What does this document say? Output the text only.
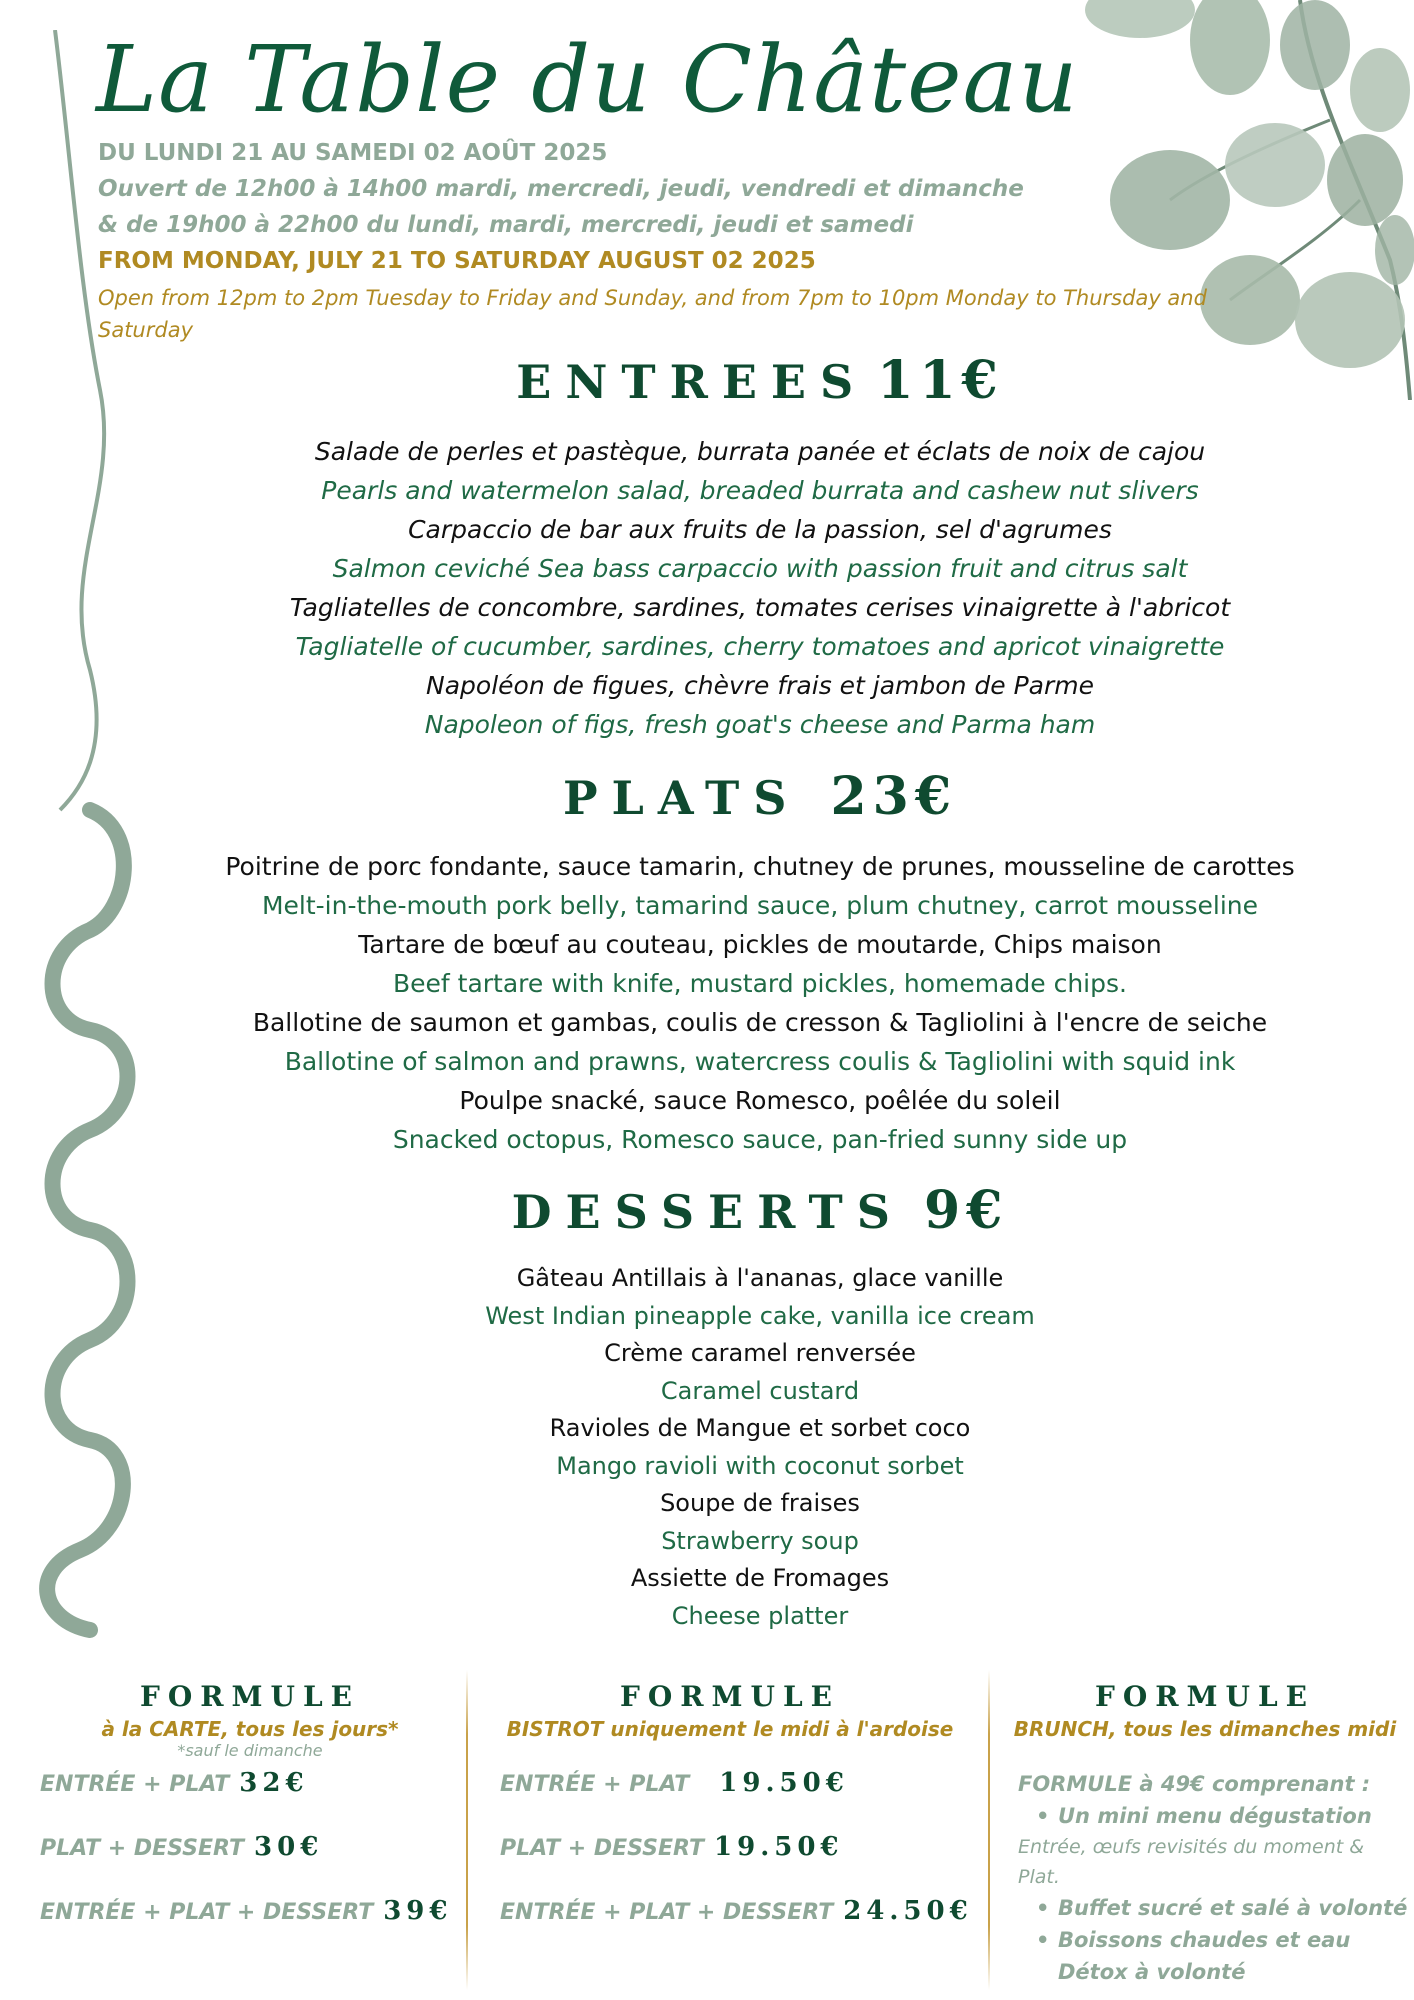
La Table du Château
DU LUNDI 21 AU SAMEDI 02 AOÛT 2025
Ouvert de 12h00 à 14h00 mardi, mercredi, jeudi, vendredi et dimanche
& de 19h00 à 22h00 du lundi, mardi, mercredi, jeudi et samedi
FROM MONDAY, JULY 21 TO SATURDAY AUGUST 02 2025
Open from 12pm to 2pm Tuesday to Friday and Sunday, and from 7pm to 10pm Monday to Thursday and Saturday
ENTREES 11€
Salade de perles et pastèque, burrata panée et éclats de noix de cajou
Pearls and watermelon salad, breaded burrata and cashew nut slivers
Carpaccio de bar aux fruits de la passion, sel d'agrumes
Salmon ceviché Sea bass carpaccio with passion fruit and citrus salt
Tagliatelles de concombre, sardines, tomates cerises vinaigrette à l'abricot
Tagliatelle of cucumber, sardines, cherry tomatoes and apricot vinaigrette
Napoléon de figues, chèvre frais et jambon de Parme
Napoleon of figs, fresh goat's cheese and Parma ham
PLATS 23€
Poitrine de porc fondante, sauce tamarin, chutney de prunes, mousseline de carottes
Melt-in-the-mouth pork belly, tamarind sauce, plum chutney, carrot mousseline
Tartare de bœuf au couteau, pickles de moutarde, Chips maison
Beef tartare with knife, mustard pickles, homemade chips.
Ballotine de saumon et gambas, coulis de cresson & Tagliolini à l'encre de seiche
Ballotine of salmon and prawns, watercress coulis & Tagliolini with squid ink
Poulpe snacké, sauce Romesco, poêlée du soleil
Snacked octopus, Romesco sauce, pan-fried sunny side up
DESSERTS 9€
Gâteau Antillais à l'ananas, glace vanille
West Indian pineapple cake, vanilla ice cream
Crème caramel renversée
Caramel custard
Ravioles de Mangue et sorbet coco
Mango ravioli with coconut sorbet
Soupe de fraises
Strawberry soup
Assiette de Fromages
Cheese platter
FORMULE
à la CARTE, tous les jours*
*sauf le dimanche
ENTRÉE + PLAT 32€
PLAT + DESSERT 30€
ENTRÉE + PLAT + DESSERT 39€
FORMULE
BISTROT uniquement le midi à l'ardoise
ENTRÉE + PLAT 19.50€
PLAT + DESSERT 19.50€
ENTRÉE + PLAT + DESSERT 24.50€
FORMULE
BRUNCH, tous les dimanches midi
FORMULE à 49€ comprenant :
• Un mini menu dégustation
Entrée, œufs revisités du moment & Plat.
• Buffet sucré et salé à volonté
• Boissons chaudes et eau Détox à volonté
